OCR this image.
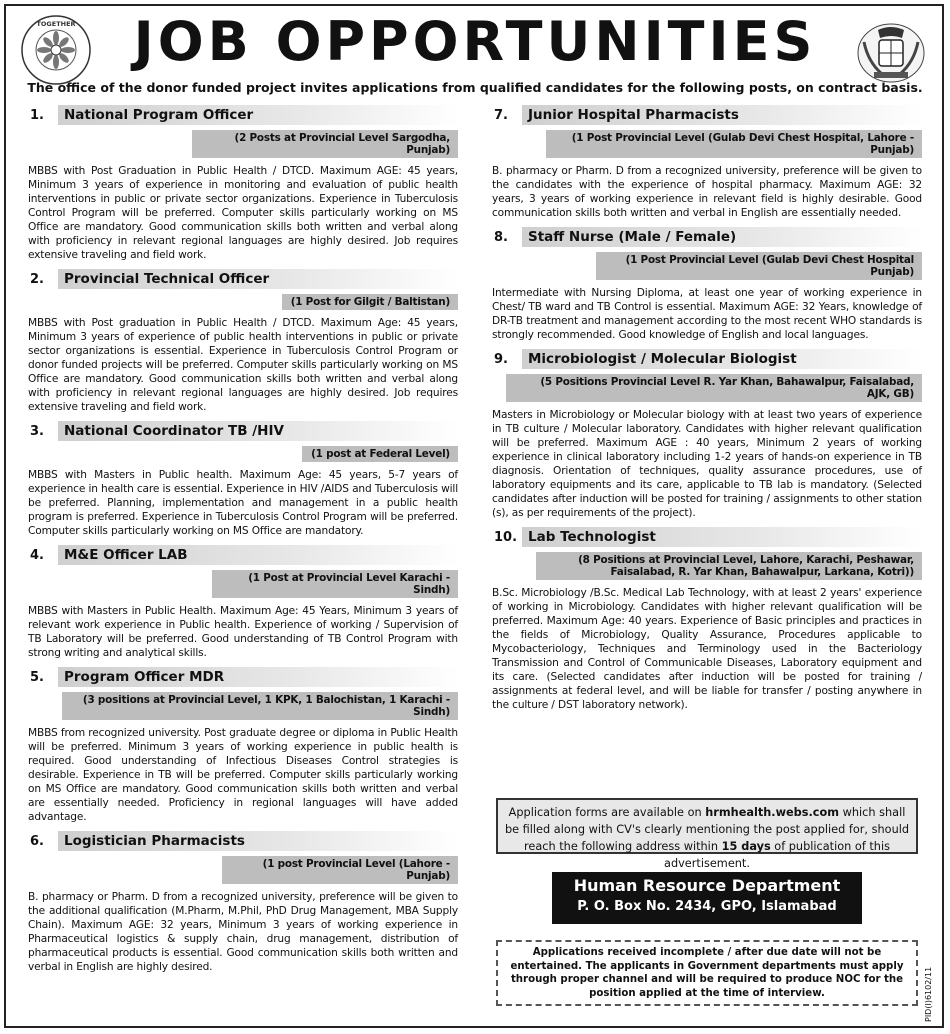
TOGETHER	JOB OPPORTUNITIES
The office of the donor funded project invites applications from qualified candidates for the following posts, on contract basis.
1.	National Program Officer
(2 Posts at Provincial Level Sargodha, Punjab)
MBBS with Post Graduation in Public Health / DTCD. Maximum AGE: 45 years, Minimum 3 years of experience in monitoring and evaluation of public health interventions in public or private sector organizations. Experience in Tuberculosis Control Program will be preferred. Computer skills particularly working on MS Office are mandatory. Good communication skills both written and verbal along with proficiency in relevant regional languages are highly desired. Job requires extensive traveling and field work.
2.	Provincial Technical Officer
(1 Post for Gilgit / Baltistan)
MBBS with Post graduation in Public Health / DTCD. Maximum Age: 45 years, Minimum 3 years of experience of public health interventions in public or private sector organizations is essential. Experience in Tuberculosis Control Program or donor funded projects will be preferred. Computer skills particularly working on MS Office are mandatory. Good communication skills both written and verbal along with proficiency in relevant regional languages are highly desired. Job requires extensive traveling and field work.
3.	National Coordinator TB /HIV
(1 post at Federal Level)
MBBS with Masters in Public health. Maximum Age: 45 years, 5-7 years of experience in health care is essential. Experience in HIV /AIDS and Tuberculosis will be preferred. Planning, implementation and management in a public health program is preferred. Experience in Tuberculosis Control Program will be preferred. Computer skills particularly working on MS Office are mandatory.
4.	M&E Officer LAB
(1 Post at Provincial Level Karachi - Sindh)
MBBS with Masters in Public Health. Maximum Age: 45 Years, Minimum 3 years of relevant work experience in Public health. Experience of working / Supervision of TB Laboratory will be preferred. Good understanding of TB Control Program with strong writing and analytical skills.
5.	Program Officer MDR
(3 positions at Provincial Level, 1 KPK, 1 Balochistan, 1 Karachi - Sindh)
MBBS from recognized university. Post graduate degree or diploma in Public Health will be preferred. Minimum 3 years of working experience in public health is required. Good understanding of Infectious Diseases Control strategies is desirable. Experience in TB will be preferred. Computer skills particularly working on MS Office are mandatory. Good communication skills both written and verbal are essentially needed. Proficiency in regional languages will have added advantage.
6.	Logistician Pharmacists
(1 post Provincial Level (Lahore - Punjab)
B. pharmacy or Pharm. D from a recognized university, preference will be given to the additional qualification (M.Pharm, M.Phil, PhD Drug Management, MBA Supply Chain). Maximum AGE: 32 years, Minimum 3 years of working experience in Pharmaceutical logistics & supply chain, drug management, distribution of pharmaceutical products is essential. Good communication skills both written and verbal in English are highly desired.
7.	Junior Hospital Pharmacists
(1 Post Provincial Level (Gulab Devi Chest Hospital, Lahore - Punjab)
B. pharmacy or Pharm. D from a recognized university, preference will be given to the candidates with the experience of hospital pharmacy. Maximum AGE: 32 years, 3 years of working experience in relevant field is highly desirable. Good communication skills both written and verbal in English are essentially needed.
8.	Staff Nurse (Male / Female)
(1 Post Provincial Level (Gulab Devi Chest Hospital Punjab)
Intermediate with Nursing Diploma, at least one year of working experience in Chest/ TB ward and TB Control is essential. Maximum AGE: 32 Years, knowledge of DR-TB treatment and management according to the most recent WHO standards is strongly recommended. Good knowledge of English and local languages.
9.	Microbiologist / Molecular Biologist
(5 Positions Provincial Level R. Yar Khan, Bahawalpur, Faisalabad, AJK, GB)
Masters in Microbiology or Molecular biology with at least two years of experience in TB culture / Molecular laboratory. Candidates with higher relevant qualification will be preferred. Maximum AGE : 40 years, Minimum 2 years of working experience in clinical laboratory including 1-2 years of hands-on experience in TB diagnosis. Orientation of techniques, quality assurance procedures, use of laboratory equipments and its care, applicable to TB lab is mandatory. (Selected candidates after induction will be posted for training / assignments to other station (s), as per requirements of the project).
10. Lab Technologist
(8 Positions at Provincial Level, Lahore, Karachi, Peshawar, Faisalabad, R. Yar Khan, Bahawalpur, Larkana, Kotri))
B.Sc. Microbiology /B.Sc. Medical Lab Technology, with at least 2 years' experience of working in Microbiology. Candidates with higher relevant qualification will be preferred. Maximum Age: 40 years. Experience of Basic principles and practices in the fields of Microbiology, Quality Assurance, Procedures applicable to Mycobacteriology, Techniques and Terminology used in the Bacteriology Transmission and Control of Communicable Diseases, Laboratory equipment and its care. (Selected candidates after induction will be posted for training / assignments at federal level, and will be liable for transfer / posting anywhere in the culture / DST laboratory network).
Application forms are available on hrmhealth.webs.com which shall be filled along with CV's clearly mentioning the post applied for, should reach the following address within 15 days of publication of this advertisement.
Human Resource Department
P. O. Box No. 2434, GPO, Islamabad
Applications received incomplete / after due date will not be entertained. The applicants in Government departments must apply through proper channel and will be required to produce NOC for the position applied at the time of interview.	PID(I)6102/11
